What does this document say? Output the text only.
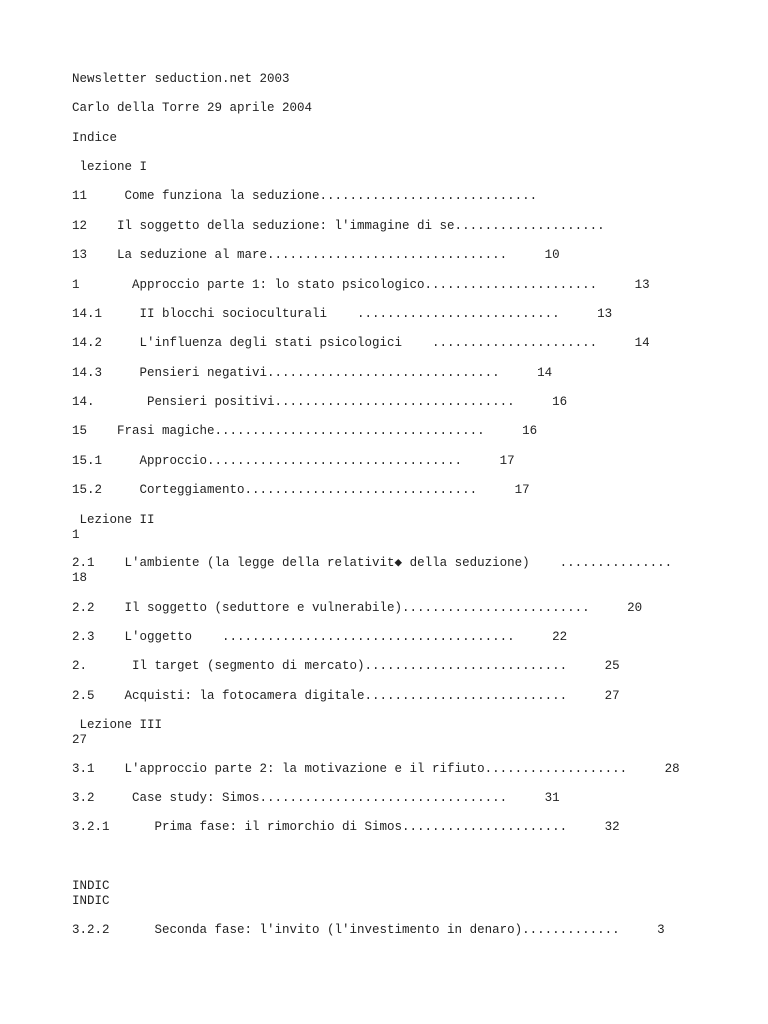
Newsletter seduction.net 2003
Carlo della Torre 29 aprile 2004
Indice
lezione I
11     Come funziona la seduzione.............................
12    Il soggetto della seduzione: l'immagine di se....................
13    La seduzione al mare................................     10
1       Approccio parte 1: lo stato psicologico.......................     13
14.1     II blocchi socioculturali    ...........................     13
14.2     L'influenza degli stati psicologici    ......................     14
14.3     Pensieri negativi...............................     14
14.       Pensieri positivi................................     16
15    Frasi magiche....................................     16
15.1     Approccio..................................     17
15.2     Corteggiamento...............................     17
Lezione II
1
2.1    L'ambiente (la legge della relativit◆ della seduzione)    ...............
18
2.2    Il soggetto (seduttore e vulnerabile).........................     20
2.3    L'oggetto    .......................................     22
2.      Il target (segmento di mercato)...........................     25
2.5    Acquisti: la fotocamera digitale...........................     27
Lezione III
27
3.1    L'approccio parte 2: la motivazione e il rifiuto...................     28
3.2     Case study: Simos.................................     31
3.2.1      Prima fase: il rimorchio di Simos......................     32
INDIC
INDIC
3.2.2      Seconda fase: l'invito (l'investimento in denaro).............     3
